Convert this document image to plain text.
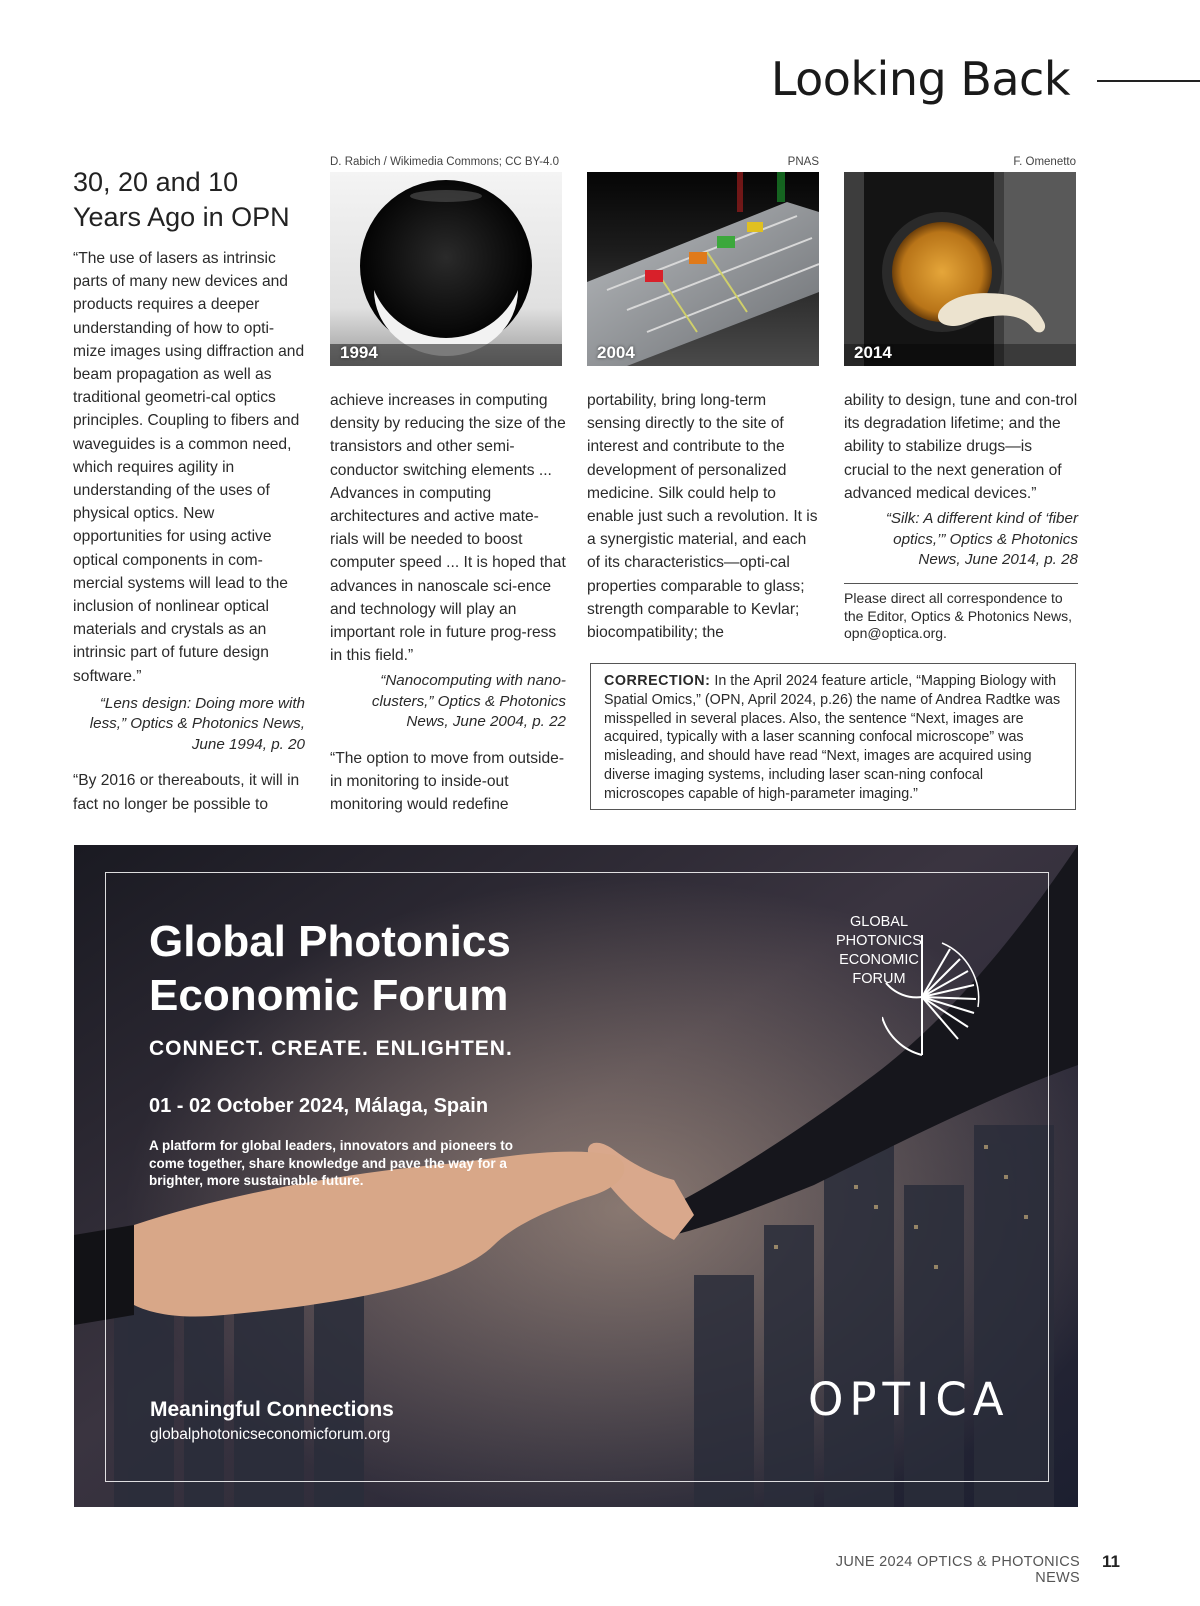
Looking Back
30, 20 and 10 Years Ago in OPN
“The use of lasers as intrinsic parts of many new devices and products requires a deeper understanding of how to opti-mize images using diffraction and beam propagation as well as traditional geometri-cal optics principles. Coupling to fibers and waveguides is a common need, which requires agility in understanding of the uses of physical optics. New opportunities for using active optical components in com-mercial systems will lead to the inclusion of nonlinear optical materials and crystals as an intrinsic part of future design software.”
“Lens design: Doing more with less,” Optics & Photonics News, June 1994, p. 20
“By 2016 or thereabouts, it will in fact no longer be possible to
D. Rabich / Wikimedia Commons; CC BY-4.0	PNAS	F. Omenetto
1994	2004	2014
achieve increases in computing density by reducing the size of the transistors and other semi-conductor switching elements ... Advances in computing architectures and active mate-rials will be needed to boost computer speed ... It is hoped that advances in nanoscale sci-ence and technology will play an important role in future prog-ress in this field.”
“Nanocomputing with nano-clusters,” Optics & Photonics News, June 2004, p. 22
“The option to move from outside-in monitoring to inside-out monitoring would redefine
portability, bring long-term sensing directly to the site of interest and contribute to the development of personalized medicine. Silk could help to enable just such a revolution. It is a synergistic material, and each of its characteristics—opti-cal properties comparable to glass; strength comparable to Kevlar; biocompatibility; the
ability to design, tune and con-trol its degradation lifetime; and the ability to stabilize drugs—is crucial to the next generation of advanced medical devices.”
“Silk: A different kind of ‘fiber optics,’” Optics & Photonics News, June 2014, p. 28
Please direct all correspondence to the Editor, Optics & Photonics News, opn@optica.org.
CORRECTION: In the April 2024 feature article, “Mapping Biology with Spatial Omics,” (OPN, April 2024, p.26) the name of Andrea Radtke was misspelled in several places. Also, the sentence “Next, images are acquired, typically with a laser scanning confocal microscope” was misleading, and should have read “Next, images are acquired using diverse imaging systems, including laser scan-ning confocal microscopes capable of high-parameter imaging.”
Global Photonics
Economic Forum
CONNECT. CREATE. ENLIGHTEN.
01 - 02 October 2024, Málaga, Spain
A platform for global leaders, innovators and pioneers to come together, share knowledge and pave the way for a brighter, more sustainable future.
GLOBAL
PHOTONICS
ECONOMIC
FORUM
Meaningful Connections
globalphotonicseconomicforum.org
OPTICA
JUNE 2024 OPTICS & PHOTONICS NEWS
11
